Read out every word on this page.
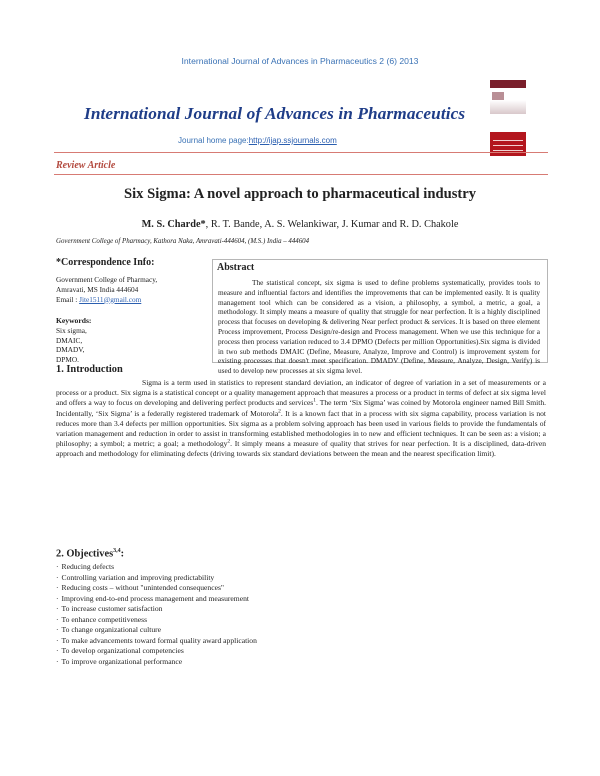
International Journal of Advances in Pharmaceutics 2 (6) 2013
International Journal of Advances in Pharmaceutics
Journal home page:http://ijap.ssjournals.com
Review Article
Six Sigma: A novel approach to pharmaceutical industry
M. S. Charde*, R. T. Bande, A. S. Welankiwar, J. Kumar and R. D. Chakole
Government College of Pharmacy, Kathora Naka, Amravati-444604, (M.S.) India – 444604
*Correspondence Info:
Government College of Pharmacy,
Amravati, MS India 444604
Email : Jite1511@gmail.com
Keywords:
Six sigma,
DMAIC,
DMADV,
DPMO.
Abstract
The statistical concept, six sigma is used to define problems systematically, provides tools to measure and influential factors and identifies the improvements that can be implemented easily. It is quality management tool which can be considered as a vision, a philosophy, a symbol, a metric, a goal, a methodology. It simply means a measure of quality that struggle for near perfection. It is a highly disciplined process that focuses on developing & delivering Near perfect product & services. It is based on three element Process improvement, Process Design/re-design and Process management. When we use this technique for a process then process variation reduced to 3.4 DPMO (Defects per million Opportunities).Six sigma is divided in two sub methods DMAIC (Define, Measure, Analyze, Improve and Control) is improvement system for existing processes that doesn't meet specification. DMADV (Define, Measure, Analyze, Design, Verify) is used to develop new processes at six sigma level.
1. Introduction
Sigma is a term used in statistics to represent standard deviation, an indicator of degree of variation in a set of measurements or a process or a product. Six sigma is a statistical concept or a quality management approach that measures a process or a product in terms of defect at six sigma level and offers a way to focus on developing and delivering perfect products and services$^1$. The term ‘Six Sigma’ was coined by Motorola engineer named Bill Smith. Incidentally, ‘Six Sigma’ is a federally registered trademark of Motorola$^2$. It is a known fact that in a process with six sigma capability, process variation is not reduces more than 3.4 defects per million opportunities. Six sigma as a problem solving approach has been used in various fields to provide the fundamentals of variation management and reduction in order to assist in transforming established methodologies in to new and efficient techniques. It can be seen as: a vision; a philosophy; a symbol; a metric; a goal; a methodology$^2$. It simply means a measure of quality that strives for near perfection. It is a disciplined, data-driven approach and methodology for eliminating defects (driving towards six standard deviations between the mean and the nearest specification limit).
2. Objectives$^{3,4}$:
· Reducing defects
· Controlling variation and improving predictability
· Reducing costs – without "unintended consequences"
· Improving end-to-end process management and measurement
· To increase customer satisfaction
· To enhance competitiveness
· To change organizational culture
· To make advancements toward formal quality award application
· To develop organizational competencies
· To improve organizational performance
